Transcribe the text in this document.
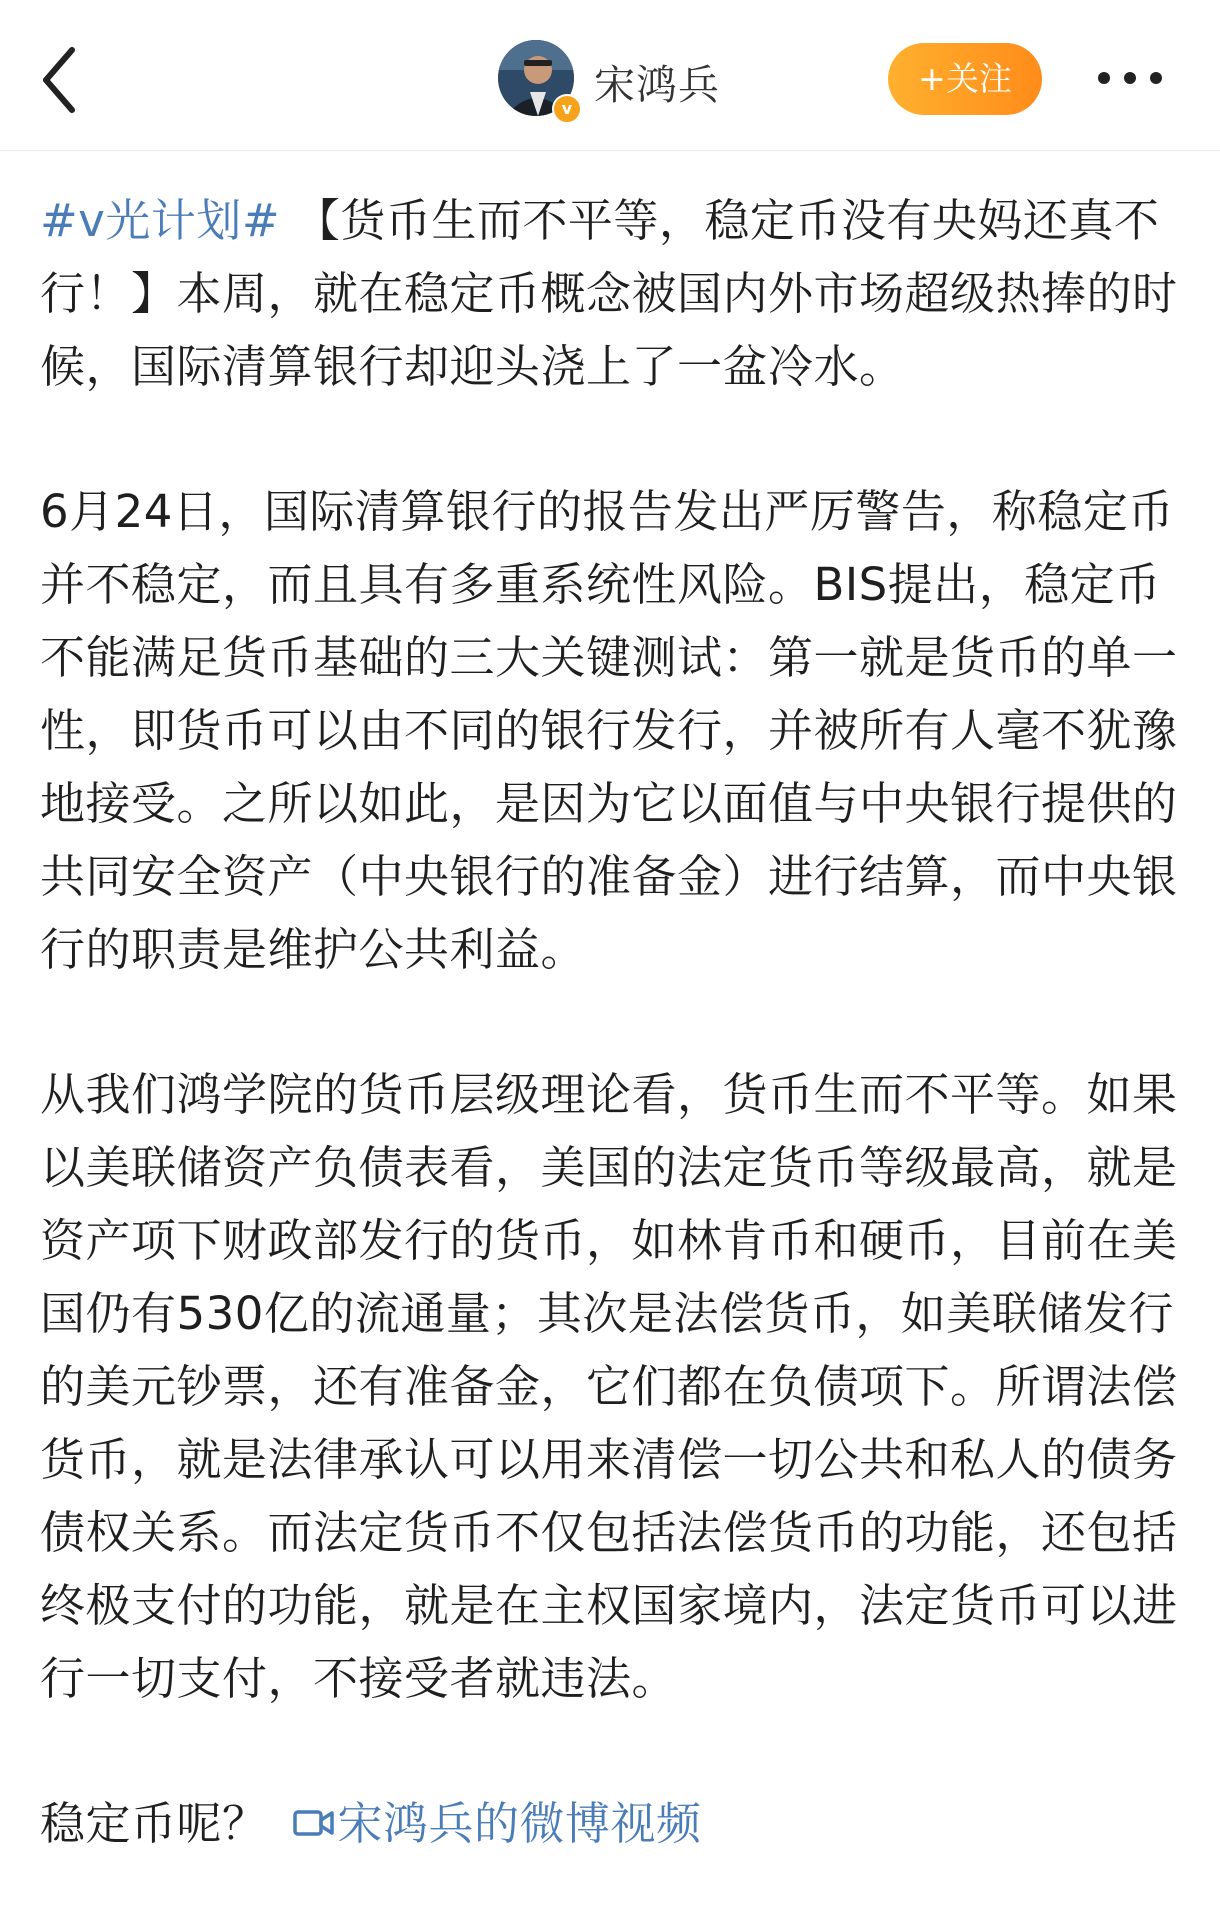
v 宋鸿兵	+关注

#v光计划# 【货币生而不平等，稳定币没有央妈还真不行！】本周，就在稳定币概念被国内外市场超级热捧的时候，国际清算银行却迎头浇上了一盆冷水。

6月24日，国际清算银行的报告发出严厉警告，称稳定币并不稳定，而且具有多重系统性风险。BIS提出，稳定币不能满足货币基础的三大关键测试：第一就是货币的单一性，即货币可以由不同的银行发行，并被所有人毫不犹豫地接受。之所以如此，是因为它以面值与中央银行提供的共同安全资产（中央银行的准备金）进行结算，而中央银行的职责是维护公共利益。

从我们鸿学院的货币层级理论看，货币生而不平等。如果以美联储资产负债表看，美国的法定货币等级最高，就是资产项下财政部发行的货币，如林肯币和硬币，目前在美国仍有530亿的流通量；其次是法偿货币，如美联储发行的美元钞票，还有准备金，它们都在负债项下。所谓法偿货币，就是法律承认可以用来清偿一切公共和私人的债务债权关系。而法定货币不仅包括法偿货币的功能，还包括终极支付的功能，就是在主权国家境内，法定货币可以进行一切支付，不接受者就违法。

稳定币呢？ 宋鸿兵的微博视频
